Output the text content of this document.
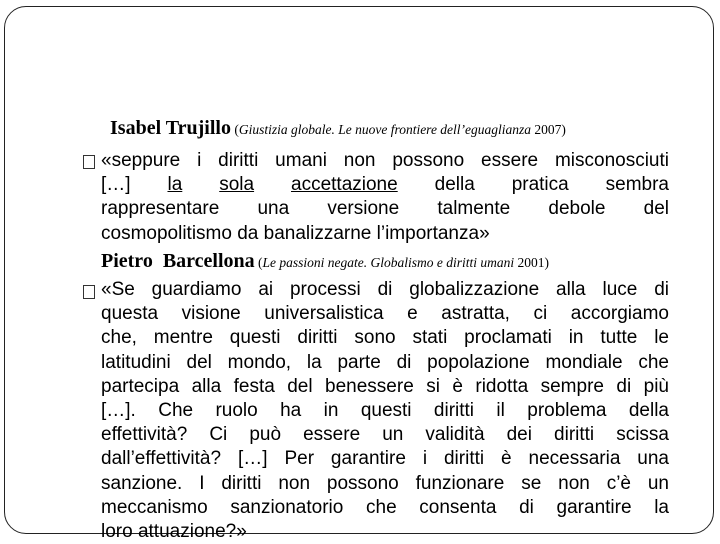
Isabel Trujillo (Giustizia globale. Le nuove frontiere dell’eguaglianza 2007)
«seppure i diritti umani non possono essere misconosciuti
[…] la sola accettazione della pratica sembra
rappresentare una versione talmente debole del
cosmopolitismo da banalizzarne l’importanza»
Pietro  Barcellona (Le passioni negate. Globalismo e diritti umani 2001)
«Se guardiamo ai processi di globalizzazione alla luce di
questa visione universalistica e astratta, ci accorgiamo
che, mentre questi diritti sono stati proclamati in tutte le
latitudini del mondo, la parte di popolazione mondiale che
partecipa alla festa del benessere si è ridotta sempre di più
[…]. Che ruolo ha in questi diritti il problema della
effettività? Ci può essere un validità dei diritti scissa
dall’effettività? […] Per garantire i diritti è necessaria una
sanzione. I diritti non possono funzionare se non c’è un
meccanismo sanzionatorio che consenta di garantire la
loro attuazione?»
